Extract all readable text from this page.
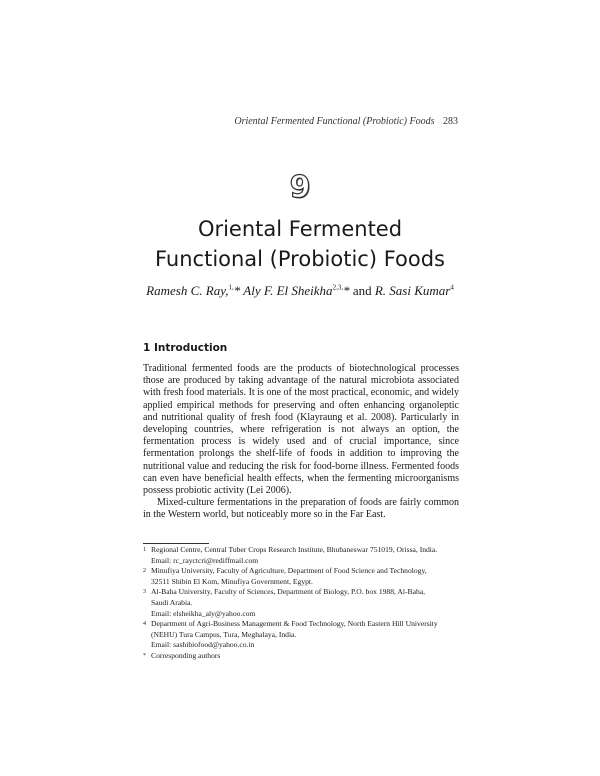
Oriental Fermented Functional (Probiotic) Foods 283
9
Oriental Fermented
Functional (Probiotic) Foods
Ramesh C. Ray,$^{1,}$* Aly F. El Sheikha$^{2,3,}$* and R. Sasi Kumar$^4$
1 Introduction

Traditional fermented foods are the products of biotechnological processes those are produced by taking advantage of the natural microbiota associated with fresh food materials. It is one of the most practical, economic, and widely applied empirical methods for preserving and often enhancing organoleptic and nutritional quality of fresh food (Klayraung et al. 2008). Particularly in developing countries, where refrigeration is not always an option, the fermentation process is widely used and of crucial importance, since fermentation prolongs the shelf-life of foods in addition to improving the nutritional value and reducing the risk for food-borne illness. Fermented foods can even have beneficial health effects, when the fermenting microorganisms possess probiotic activity (Lei 2006).

Mixed-culture fermentations in the preparation of foods are fairly common in the Western world, but noticeably more so in the Far East.

1 Regional Centre, Central Tuber Crops Research Institute, Bhubaneswar 751019, Orissa, India.
Email: rc_rayctcri@rediffmail.com
2 Minufiya University, Faculty of Agriculture, Department of Food Science and Technology,
32511 Shibin El Kom, Minufiya Government, Egypt.
3 Al-Baha University, Faculty of Sciences, Department of Biology, P.O. box 1988, Al-Baha,
Saudi Arabia.
Email: elsheikha_aly@yahoo.com
4 Department of Agri-Business Management & Food Technology, North Eastern Hill University
(NEHU) Tura Campus, Tura, Meghalaya, India.
Email: sashibiofood@yahoo.co.in
* Corresponding authors
